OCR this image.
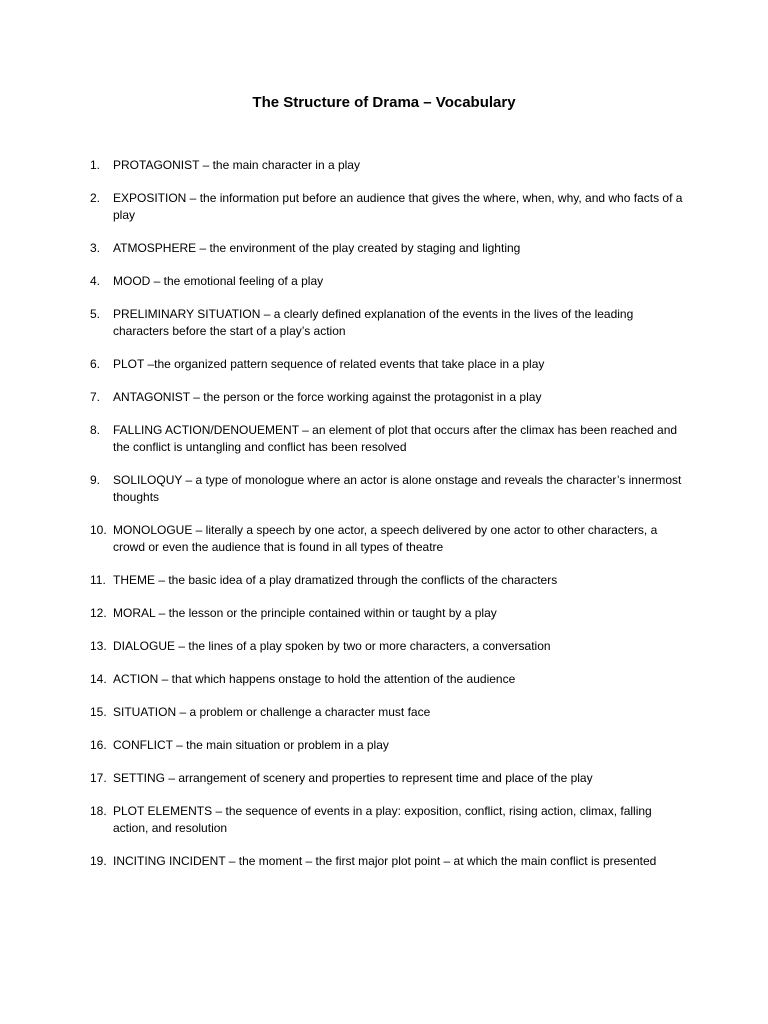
The Structure of Drama – Vocabulary
1.	PROTAGONIST – the main character in a play
2.	EXPOSITION – the information put before an audience that gives the where, when, why, and who facts of a play
3.	ATMOSPHERE – the environment of the play created by staging and lighting
4.	MOOD – the emotional feeling of a play
5.	PRELIMINARY SITUATION – a clearly defined explanation of the events in the lives of the leading characters before the start of a play’s action
6.	PLOT –the organized pattern sequence of related events that take place in a play
7.	ANTAGONIST – the person or the force working against the protagonist in a play
8.	FALLING ACTION/DENOUEMENT – an element of plot that occurs after the climax has been reached and the conflict is untangling and conflict has been resolved
9.	SOLILOQUY – a type of monologue where an actor is alone onstage and reveals the character’s innermost thoughts
10. MONOLOGUE – literally a speech by one actor, a speech delivered by one actor to other characters, a crowd or even the audience that is found in all types of theatre
11. THEME – the basic idea of a play dramatized through the conflicts of the characters
12. MORAL – the lesson or the principle contained within or taught by a play
13. DIALOGUE – the lines of a play spoken by two or more characters, a conversation
14. ACTION – that which happens onstage to hold the attention of the audience
15. SITUATION – a problem or challenge a character must face
16. CONFLICT – the main situation or problem in a play
17. SETTING – arrangement of scenery and properties to represent time and place of the play
18. PLOT ELEMENTS – the sequence of events in a play: exposition, conflict, rising action, climax, falling action, and resolution
19. INCITING INCIDENT – the moment – the first major plot point – at which the main conflict is presented
